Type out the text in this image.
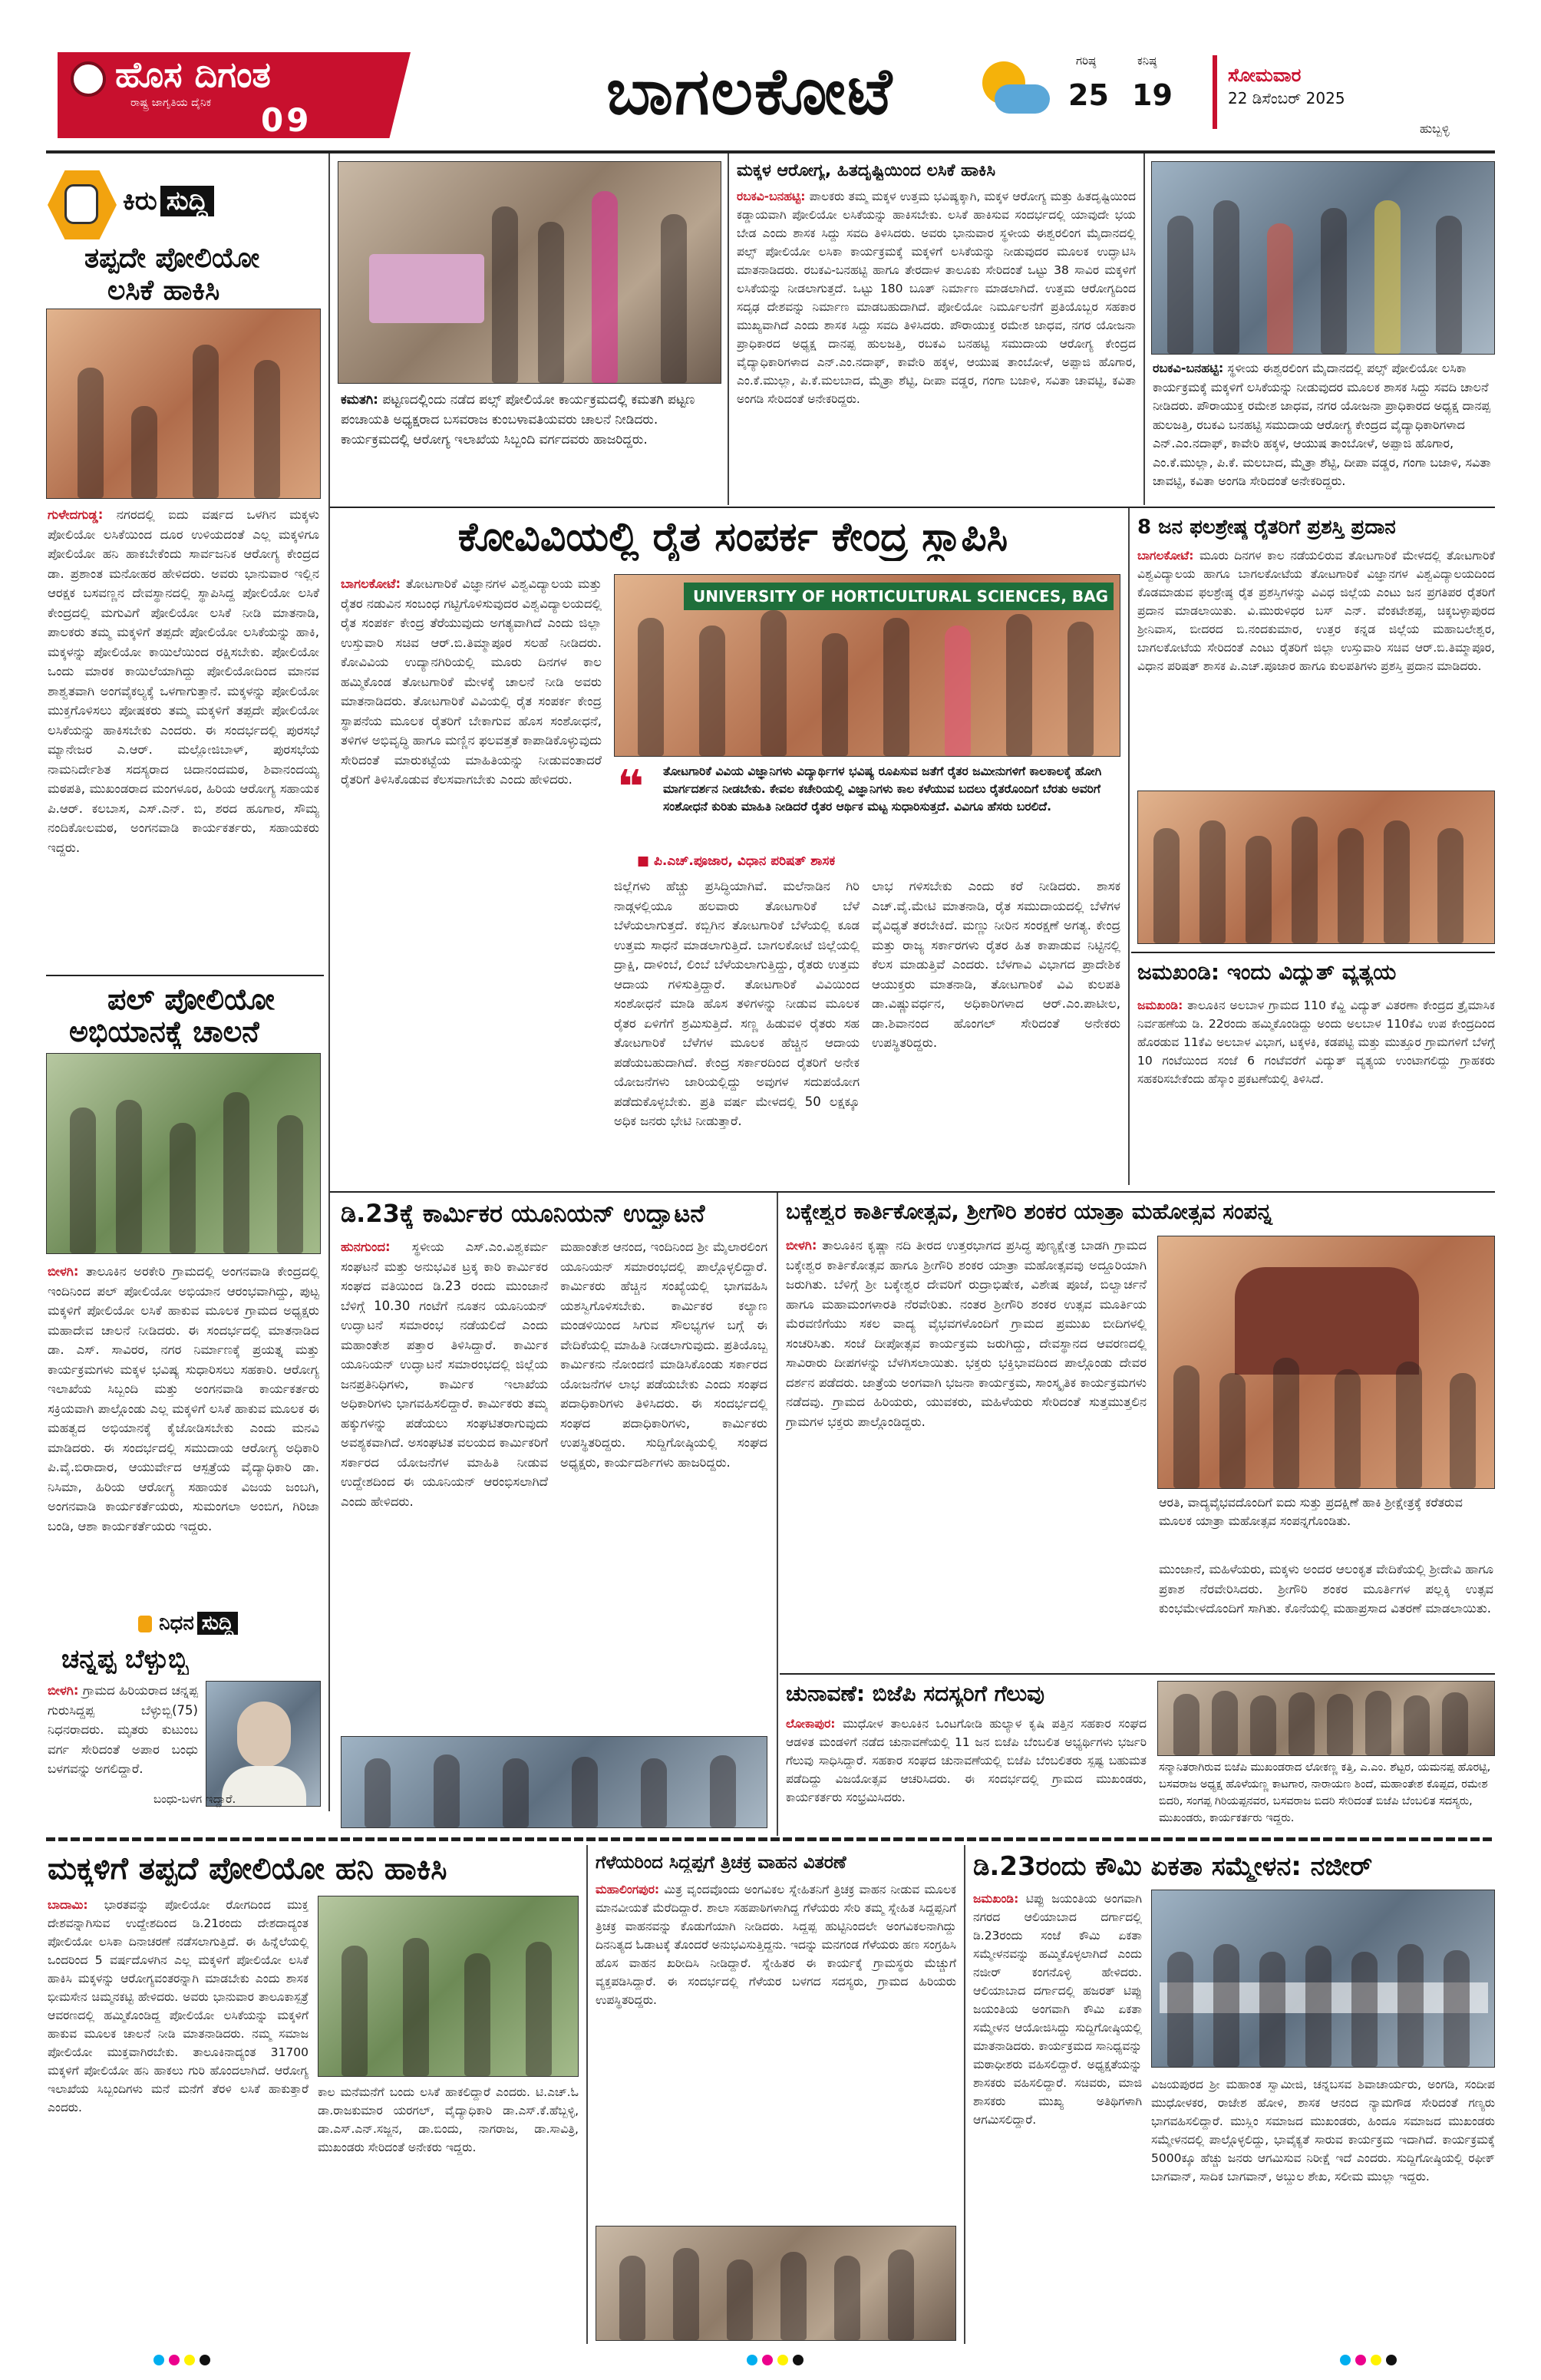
ಹೊಸ ದಿಗಂತ
ರಾಷ್ಟ್ರ ಜಾಗೃತಿಯ ದೈನಿಕ 09	ಬಾಗಲಕೋಟೆ	ಗರಿಷ್ಠ
25
ಕನಿಷ್ಠ
19
ಸೋಮವಾರ
22 ಡಿಸೆಂಬರ್ 2025
ಹುಬ್ಬಳ್ಳಿ
ಕಿರು ಸುದ್ದಿ
ತಪ್ಪದೇ ಪೋಲಿಯೋ
ಲಸಿಕೆ ಹಾಕಿಸಿ
ಗುಳೇದಗುಡ್ಡ: ನಗರದಲ್ಲಿ ಐದು ವರ್ಷದ ಒಳಗಿನ ಮಕ್ಕಳು ಪೋಲಿಯೋ ಲಸಿಕೆಯಿಂದ ದೂರ ಉಳಿಯದಂತೆ ಎಲ್ಲ ಮಕ್ಕಳಿಗೂ ಪೋಲಿಯೋ ಹನಿ ಹಾಕಬೇಕೆಂದು ಸಾರ್ವಜನಿಕ ಆರೋಗ್ಯ ಕೇಂದ್ರದ ಡಾ. ಪ್ರಶಾಂತ ಮನೋಹರ ಹೇಳಿದರು. ಅವರು ಭಾನುವಾರ ಇಲ್ಲಿನ ಆರಕ್ಷಕ ಬಸವಣ್ಣನ ದೇವಸ್ಥಾನದಲ್ಲಿ ಸ್ಥಾಪಿಸಿದ್ದ ಪೋಲಿಯೋ ಲಸಿಕೆ ಕೇಂದ್ರದಲ್ಲಿ ಮಗುವಿಗೆ ಪೋಲಿಯೋ ಲಸಿಕೆ ನೀಡಿ ಮಾತನಾಡಿ, ಪಾಲಕರು ತಮ್ಮ ಮಕ್ಕಳಿಗೆ ತಪ್ಪದೇ ಪೋಲಿಯೋ ಲಸಿಕೆಯನ್ನು ಹಾಕಿ, ಮಕ್ಕಳನ್ನು ಪೋಲಿಯೋ ಕಾಯಿಲೆಯಿಂದ ರಕ್ಷಿಸಬೇಕು. ಪೋಲಿಯೋ ಒಂದು ಮಾರಕ ಕಾಯಿಲೆಯಾಗಿದ್ದು ಪೋಲಿಯೋದಿಂದ ಮಾನವ ಶಾಶ್ವತವಾಗಿ ಅಂಗವೈಕಲ್ಯಕ್ಕೆ ಒಳಗಾಗುತ್ತಾನೆ. ಮಕ್ಕಳನ್ನು ಪೋಲಿಯೋ ಮುಕ್ತಗೊಳಿಸಲು ಪೋಷಕರು ತಮ್ಮ ಮಕ್ಕಳಿಗೆ ತಪ್ಪದೇ ಪೋಲಿಯೋ ಲಸಿಕೆಯನ್ನು ಹಾಕಿಸಬೇಕು ಎಂದರು. ಈ ಸಂದರ್ಭದಲ್ಲಿ ಪುರಸಭೆ ಮ್ಯಾನೇಜರ ಎ.ಆರ್. ಮಲ್ಲೋಜಿಬಾಳ್, ಪುರಸಭೆಯ ನಾಮನಿರ್ದೇಶಿತ ಸದಸ್ಯರಾದ ಚಿದಾನಂದಮಠ, ಶಿವಾನಂದಯ್ಯ ಮಠಪತಿ, ಮುಖಂಡರಾದ ಮಂಗಳೂರ, ಹಿರಿಯ ಆರೋಗ್ಯ ಸಹಾಯಕ ಪಿ.ಆರ್. ಕಲಬಾಸ, ಎಸ್.ಎನ್. ಬಿ, ಶರದ ಹೂಗಾರ, ಸೌಮ್ಯ ನಂದಿಕೋಲಮಠ, ಅಂಗನವಾಡಿ ಕಾರ್ಯಕರ್ತರು, ಸಹಾಯಕರು ಇದ್ದರು.
ಪಲ್ ಪೋಲಿಯೋ
ಅಭಿಯಾನಕ್ಕೆ ಚಾಲನೆ
ಬೀಳಗಿ: ತಾಲೂಕಿನ ಅರಕೇರಿ ಗ್ರಾಮದಲ್ಲಿ ಅಂಗನವಾಡಿ ಕೇಂದ್ರದಲ್ಲಿ ಇಂದಿನಿಂದ ಪಲ್ ಪೋಲಿಯೋ ಅಭಿಯಾನ ಆರಂಭವಾಗಿದ್ದು, ಪುಟ್ಟ ಮಕ್ಕಳಿಗೆ ಪೋಲಿಯೋ ಲಸಿಕೆ ಹಾಕುವ ಮೂಲಕ ಗ್ರಾಮದ ಅಧ್ಯಕ್ಷರು ಮಹಾದೇವ ಚಾಲನೆ ನೀಡಿದರು. ಈ ಸಂದರ್ಭದಲ್ಲಿ ಮಾತನಾಡಿದ ಡಾ. ಎಸ್. ಸಾವಿರರ, ನಗರ ನಿರ್ಮಾಣಕ್ಕೆ ಪ್ರಯತ್ನ ಮತ್ತು ಕಾರ್ಯಕ್ರಮಗಳು ಮಕ್ಕಳ ಭವಿಷ್ಯ ಸುಧಾರಿಸಲು ಸಹಕಾರಿ. ಆರೋಗ್ಯ ಇಲಾಖೆಯ ಸಿಬ್ಬಂದಿ ಮತ್ತು ಅಂಗನವಾಡಿ ಕಾರ್ಯಕರ್ತರು ಸಕ್ರಿಯವಾಗಿ ಪಾಲ್ಗೊಂಡು ಎಲ್ಲ ಮಕ್ಕಳಿಗೆ ಲಸಿಕೆ ಹಾಕುವ ಮೂಲಕ ಈ ಮಹತ್ವದ ಅಭಿಯಾನಕ್ಕೆ ಕೈಜೋಡಿಸಬೇಕು ಎಂದು ಮನವಿ ಮಾಡಿದರು. ಈ ಸಂದರ್ಭದಲ್ಲಿ ಸಮುದಾಯ ಆರೋಗ್ಯ ಅಧಿಕಾರಿ ಪಿ.ವೈ.ಬಿರಾದಾರ, ಆಯುರ್ವೇದ ಆಸ್ಪತ್ರೆಯ ವೈದ್ಯಾಧಿಕಾರಿ ಡಾ. ನಿಸಿಮಾ, ಹಿರಿಯ ಆರೋಗ್ಯ ಸಹಾಯಕ ವಿಜಯ ಜಂಬಗಿ, ಅಂಗನವಾಡಿ ಕಾರ್ಯಕರ್ತೆಯರು, ಸುಮಂಗಲಾ ಅಂಬಿಗ, ಗಿರಿಜಾ ಬಂಡಿ, ಆಶಾ ಕಾರ್ಯಕರ್ತೆಯರು ಇದ್ದರು.
ನಿಧನ ಸುದ್ದಿ
ಚನ್ನಪ್ಪ ಬೆಳ್ಳುಬ್ಬಿ
ಬೀಳಗಿ: ಗ್ರಾಮದ ಹಿರಿಯರಾದ ಚನ್ನಪ್ಪ ಗುರುಸಿದ್ದಪ್ಪ ಬೆಳ್ಳುಬ್ಬಿ(75) ನಿಧನರಾದರು. ಮೃತರು ಕುಟುಂಬ ವರ್ಗ ಸೇರಿದಂತೆ ಅಪಾರ ಬಂಧು ಬಳಗವನ್ನು ಅಗಲಿದ್ದಾರೆ.
ಬಂಧು-ಬಳಗ ಇದ್ದಾರೆ.
ಕಮತಗಿ: ಪಟ್ಟಣದಲ್ಲಿಂದು ನಡೆದ ಪಲ್ಸ್ ಪೋಲಿಯೋ ಕಾರ್ಯಕ್ರಮದಲ್ಲಿ ಕಮತಗಿ ಪಟ್ಟಣ ಪಂಚಾಯತಿ ಅಧ್ಯಕ್ಷರಾದ ಬಸವರಾಜ ಕುಂಬಳಾವತಿಯವರು ಚಾಲನೆ ನೀಡಿದರು. ಕಾರ್ಯಕ್ರಮದಲ್ಲಿ ಆರೋಗ್ಯ ಇಲಾಖೆಯ ಸಿಬ್ಬಂದಿ ವರ್ಗದವರು ಹಾಜರಿದ್ದರು.
ಮಕ್ಕಳ ಆರೋಗ್ಯ, ಹಿತದೃಷ್ಟಿಯಿಂದ ಲಸಿಕೆ ಹಾಕಿಸಿ
ರಬಕವಿ-ಬನಹಟ್ಟಿ: ಪಾಲಕರು ತಮ್ಮ ಮಕ್ಕಳ ಉತ್ತಮ ಭವಿಷ್ಯಕ್ಕಾಗಿ, ಮಕ್ಕಳ ಆರೋಗ್ಯ ಮತ್ತು ಹಿತದೃಷ್ಟಿಯಿಂದ ಕಡ್ಡಾಯವಾಗಿ ಪೋಲಿಯೋ ಲಸಿಕೆಯನ್ನು ಹಾಕಿಸಬೇಕು. ಲಸಿಕೆ ಹಾಕಿಸುವ ಸಂದರ್ಭದಲ್ಲಿ ಯಾವುದೇ ಭಯ ಬೇಡ ಎಂದು ಶಾಸಕ ಸಿದ್ದು ಸವದಿ ತಿಳಿಸಿದರು. ಅವರು ಭಾನುವಾರ ಸ್ಥಳೀಯ ಈಶ್ವರಲಿಂಗ ಮೈದಾನದಲ್ಲಿ ಪಲ್ಸ್ ಪೋಲಿಯೋ ಲಸಿಕಾ ಕಾರ್ಯಕ್ರಮಕ್ಕೆ ಮಕ್ಕಳಿಗೆ ಲಸಿಕೆಯನ್ನು ನೀಡುವುದರ ಮೂಲಕ ಉದ್ಘಾಟಿಸಿ ಮಾತನಾಡಿದರು. ರಬಕವಿ-ಬನಹಟ್ಟಿ ಹಾಗೂ ತೇರದಾಳ ತಾಲೂಕು ಸೇರಿದಂತೆ ಒಟ್ಟು 38 ಸಾವಿರ ಮಕ್ಕಳಿಗೆ ಲಸಿಕೆಯನ್ನು ನೀಡಲಾಗುತ್ತದೆ. ಒಟ್ಟು 180 ಬೂತ್ ನಿರ್ಮಾಣ ಮಾಡಲಾಗಿದೆ. ಉತ್ತಮ ಆರೋಗ್ಯದಿಂದ ಸದೃಢ ದೇಶವನ್ನು ನಿರ್ಮಾಣ ಮಾಡಬಹುದಾಗಿದೆ. ಪೋಲಿಯೋ ನಿರ್ಮೂಲನೆಗೆ ಪ್ರತಿಯೊಬ್ಬರ ಸಹಕಾರ ಮುಖ್ಯವಾಗಿದೆ ಎಂದು ಶಾಸಕ ಸಿದ್ದು ಸವದಿ ತಿಳಿಸಿದರು. ಪೌರಾಯುಕ್ತ ರಮೇಶ ಜಾಧವ, ನಗರ ಯೋಜನಾ ಪ್ರಾಧಿಕಾರದ ಅಧ್ಯಕ್ಷ ದಾನಪ್ಪ ಹುಲಜತ್ತಿ, ರಬಕವಿ ಬನಹಟ್ಟಿ ಸಮುದಾಯ ಆರೋಗ್ಯ ಕೇಂದ್ರದ ವೈದ್ಯಾಧಿಕಾರಿಗಳಾದ ಎನ್.ಎಂ.ನದಾಫ್, ಕಾವೇರಿ ಹಕ್ಕಳ, ಆಯುಷ ತಾಂಬೋಳೆ, ಅಪ್ಪಾಜಿ ಹೊಗಾರ, ಎಂ.ಕೆ.ಮುಲ್ಲಾ, ಪಿ.ಕೆ.ಮಲಬಾದ, ಮೈತ್ರಾ ಶೆಟ್ಟಿ, ದೀಪಾ ವಡ್ಡರ, ಗಂಗಾ ಬಜಾಳಿ, ಸವಿತಾ ಚಾವಟ್ಟಿ, ಕವಿತಾ ಅಂಗಡಿ ಸೇರಿದಂತೆ ಅನೇಕರಿದ್ದರು.
ರಬಕವಿ-ಬನಹಟ್ಟಿ: ಸ್ಥಳೀಯ ಈಶ್ವರಲಿಂಗ ಮೈದಾನದಲ್ಲಿ ಪಲ್ಸ್ ಪೋಲಿಯೋ ಲಸಿಕಾ ಕಾರ್ಯಕ್ರಮಕ್ಕೆ ಮಕ್ಕಳಿಗೆ ಲಸಿಕೆಯನ್ನು ನೀಡುವುದರ ಮೂಲಕ ಶಾಸಕ ಸಿದ್ದು ಸವದಿ ಚಾಲನೆ ನೀಡಿದರು. ಪೌರಾಯುಕ್ತ ರಮೇಶ ಜಾಧವ, ನಗರ ಯೋಜನಾ ಪ್ರಾಧಿಕಾರದ ಅಧ್ಯಕ್ಷ ದಾನಪ್ಪ ಹುಲಜತ್ತಿ, ರಬಕವಿ ಬನಹಟ್ಟಿ ಸಮುದಾಯ ಆರೋಗ್ಯ ಕೇಂದ್ರದ ವೈದ್ಯಾಧಿಕಾರಿಗಳಾದ ಎನ್.ಎಂ.ನದಾಫ್, ಕಾವೇರಿ ಹಕ್ಕಳ, ಆಯುಷ ತಾಂಬೋಳೆ, ಅಪ್ಪಾಜಿ ಹೊಗಾರ, ಎಂ.ಕೆ.ಮುಲ್ಲಾ, ಪಿ.ಕೆ. ಮಲಬಾದ, ಮೈತ್ರಾ ಶೆಟ್ಟಿ, ದೀಪಾ ವಡ್ಡರ, ಗಂಗಾ ಬಜಾಳಿ, ಸವಿತಾ ಚಾವಟ್ಟಿ, ಕವಿತಾ ಅಂಗಡಿ ಸೇರಿದಂತೆ ಅನೇಕರಿದ್ದರು.
ಕೋವಿವಿಯಲ್ಲಿ ರೈತ ಸಂಪರ್ಕ ಕೇಂದ್ರ ಸ್ಥಾಪಿಸಿ
ಬಾಗಲಕೋಟೆ: ತೋಟಗಾರಿಕೆ ವಿಜ್ಞಾನಗಳ ವಿಶ್ವವಿದ್ಯಾಲಯ ಮತ್ತು ರೈತರ ನಡುವಿನ ಸಂಬಂಧ ಗಟ್ಟಿಗೊಳಿಸುವುದರ ವಿಶ್ವವಿದ್ಯಾಲಯದಲ್ಲಿ ರೈತ ಸಂಪರ್ಕ ಕೇಂದ್ರ ತೆರೆಯುವುದು ಅಗತ್ಯವಾಗಿದೆ ಎಂದು ಜಿಲ್ಲಾ ಉಸ್ತುವಾರಿ ಸಚಿವ ಆರ್.ಬಿ.ತಿಮ್ಮಾಪೂರ ಸಲಹೆ ನೀಡಿದರು. ಕೋವಿವಿಯ ಉದ್ಯಾನಗಿರಿಯಲ್ಲಿ ಮೂರು ದಿನಗಳ ಕಾಲ ಹಮ್ಮಿಕೊಂಡ ತೋಟಗಾರಿಕೆ ಮೇಳಕ್ಕೆ ಚಾಲನೆ ನೀಡಿ ಅವರು ಮಾತನಾಡಿದರು. ತೋಟಗಾರಿಕೆ ವಿವಿಯಲ್ಲಿ ರೈತ ಸಂಪರ್ಕ ಕೇಂದ್ರ ಸ್ಥಾಪನೆಯ ಮೂಲಕ ರೈತರಿಗೆ ಬೇಕಾಗುವ ಹೊಸ ಸಂಶೋಧನೆ, ತಳಿಗಳ ಅಭಿವೃದ್ಧಿ ಹಾಗೂ ಮಣ್ಣಿನ ಫಲವತ್ತತೆ ಕಾಪಾಡಿಕೊಳ್ಳುವುದು ಸೇರಿದಂತೆ ಮಾರುಕಟ್ಟೆಯ ಮಾಹಿತಿಯನ್ನು ನೀಡುವಂತಾದರೆ ರೈತರಿಗೆ ತಿಳಿಸಿಕೊಡುವ ಕೆಲಸವಾಗಬೇಕು ಎಂದು ಹೇಳಿದರು.
UNIVERSITY OF HORTICULTURAL SCIENCES, BAG
❝ ತೋಟಗಾರಿಕೆ ವಿವಿಯ ವಿಜ್ಞಾನಿಗಳು ವಿದ್ಯಾರ್ಥಿಗಳ ಭವಿಷ್ಯ ರೂಪಿಸುವ ಜತೆಗೆ ರೈತರ ಜಮೀನುಗಳಿಗೆ ಕಾಲಕಾಲಕ್ಕೆ ಹೋಗಿ ಮಾರ್ಗದರ್ಶನ ನೀಡಬೇಕು. ಕೇವಲ ಕಚೇರಿಯಲ್ಲಿ ವಿಜ್ಞಾನಿಗಳು ಕಾಲ ಕಳೆಯುವ ಬದಲು ರೈತರೊಂದಿಗೆ ಬೆರತು ಅವರಿಗೆ ಸಂಶೋಧನೆ ಕುರಿತು ಮಾಹಿತಿ ನೀಡಿದರೆ ರೈತರ ಆರ್ಥಿಕ ಮಟ್ಟ ಸುಧಾರಿಸುತ್ತದೆ. ವಿವಿಗೂ ಹೆಸರು ಬರಲಿದೆ.
■ ಪಿ.ಎಚ್.ಪೂಜಾರ, ವಿಧಾನ ಪರಿಷತ್ ಶಾಸಕ
ಜಿಲ್ಲೆಗಳು ಹೆಚ್ಚು ಪ್ರಸಿದ್ಧಿಯಾಗಿವೆ. ಮಲೆನಾಡಿನ ಗಿರಿ ನಾಡ್ಗಳಲ್ಲಿಯೂ ಹಲವಾರು ತೋಟಗಾರಿಕೆ ಬೆಳೆ ಬೆಳೆಯಲಾಗುತ್ತದೆ. ಕಬ್ಬಿಗಿನ ತೋಟಗಾರಿಕೆ ಬೆಳೆಯಲ್ಲಿ ಕೂಡ ಉತ್ತಮ ಸಾಧನೆ ಮಾಡಲಾಗುತ್ತಿದೆ. ಬಾಗಲಕೋಟೆ ಜಿಲ್ಲೆಯಲ್ಲಿ ದ್ರಾಕ್ಷಿ, ದಾಳಿಂಬೆ, ಲಿಂಬೆ ಬೆಳೆಯಲಾಗುತ್ತಿದ್ದು, ರೈತರು ಉತ್ತಮ ಆದಾಯ ಗಳಿಸುತ್ತಿದ್ದಾರೆ. ತೋಟಗಾರಿಕೆ ವಿವಿಯಿಂದ ಸಂಶೋಧನೆ ಮಾಡಿ ಹೊಸ ತಳಿಗಳನ್ನು ನೀಡುವ ಮೂಲಕ ರೈತರ ಏಳಿಗೆಗೆ ಶ್ರಮಿಸುತ್ತಿದೆ. ಸಣ್ಣ ಹಿಡುವಳಿ ರೈತರು ಸಹ ತೋಟಗಾರಿಕೆ ಬೆಳೆಗಳ ಮೂಲಕ ಹೆಚ್ಚಿನ ಆದಾಯ ಪಡೆಯಬಹುದಾಗಿದೆ. ಕೇಂದ್ರ ಸರ್ಕಾರದಿಂದ ರೈತರಿಗೆ ಅನೇಕ ಯೋಜನೆಗಳು ಜಾರಿಯಲ್ಲಿದ್ದು ಅವುಗಳ ಸದುಪಯೋಗ ಪಡೆದುಕೊಳ್ಳಬೇಕು. ಪ್ರತಿ ವರ್ಷ ಮೇಳದಲ್ಲಿ 50 ಲಕ್ಷಕ್ಕೂ ಅಧಿಕ ಜನರು ಭೇಟಿ ನೀಡುತ್ತಾರೆ.
ಲಾಭ ಗಳಿಸಬೇಕು ಎಂದು ಕರೆ ನೀಡಿದರು. ಶಾಸಕ ಎಚ್.ವೈ.ಮೇಟಿ ಮಾತನಾಡಿ, ರೈತ ಸಮುದಾಯದಲ್ಲಿ ಬೆಳೆಗಳ ವೈವಿಧ್ಯತೆ ತರಬೇಕಿದೆ. ಮಣ್ಣು ನೀರಿನ ಸಂರಕ್ಷಣೆ ಅಗತ್ಯ. ಕೇಂದ್ರ ಮತ್ತು ರಾಜ್ಯ ಸರ್ಕಾರಗಳು ರೈತರ ಹಿತ ಕಾಪಾಡುವ ನಿಟ್ಟಿನಲ್ಲಿ ಕೆಲಸ ಮಾಡುತ್ತಿವೆ ಎಂದರು. ಬೆಳಗಾವಿ ವಿಭಾಗದ ಪ್ರಾದೇಶಿಕ ಆಯುಕ್ತರು ಮಾತನಾಡಿ, ತೋಟಗಾರಿಕೆ ವಿವಿ ಕುಲಪತಿ ಡಾ.ವಿಷ್ಣುವರ್ಧನ, ಅಧಿಕಾರಿಗಳಾದ ಆರ್.ಎಂ.ಪಾಟೀಲ, ಡಾ.ಶಿವಾನಂದ ಹೊಂಗಲ್ ಸೇರಿದಂತೆ ಅನೇಕರು ಉಪಸ್ಥಿತರಿದ್ದರು.
8 ಜನ ಫಲಶ್ರೇಷ್ಠ ರೈತರಿಗೆ ಪ್ರಶಸ್ತಿ ಪ್ರದಾನ
ಬಾಗಲಕೋಟೆ: ಮೂರು ದಿನಗಳ ಕಾಲ ನಡೆಯಲಿರುವ ತೋಟಗಾರಿಕೆ ಮೇಳದಲ್ಲಿ ತೋಟಗಾರಿಕೆ ವಿಶ್ವವಿದ್ಯಾಲಯ ಹಾಗೂ ಬಾಗಲಕೋಟೆಯ ತೋಟಗಾರಿಕೆ ವಿಜ್ಞಾನಗಳ ವಿಶ್ವವಿದ್ಯಾಲಯದಿಂದ ಕೊಡಮಾಡುವ ಫಲಶ್ರೇಷ್ಠ ರೈತ ಪ್ರಶಸ್ತಿಗಳನ್ನು ವಿವಿಧ ಜಿಲ್ಲೆಯ ಎಂಟು ಜನ ಪ್ರಗತಿಪರ ರೈತರಿಗೆ ಪ್ರದಾನ ಮಾಡಲಾಯಿತು. ವಿ.ಮುರುಳಿಧರ ಬಸ್ ಎನ್. ವೆಂಕಟೇಶಪ್ಪ, ಚಿಕ್ಕಬಳ್ಳಾಪುರದ ಶ್ರೀನಿವಾಸ, ಬೀದರದ ಬಿ.ನಂದಕುಮಾರ, ಉತ್ತರ ಕನ್ನಡ ಜಿಲ್ಲೆಯ ಮಹಾಬಲೇಶ್ವರ, ಬಾಗಲಕೋಟೆಯ ಸೇರಿದಂತೆ ಎಂಟು ರೈತರಿಗೆ ಜಿಲ್ಲಾ ಉಸ್ತುವಾರಿ ಸಚಿವ ಆರ್.ಬಿ.ತಿಮ್ಮಾಪೂರ, ವಿಧಾನ ಪರಿಷತ್ ಶಾಸಕ ಪಿ.ಎಚ್.ಪೂಜಾರ ಹಾಗೂ ಕುಲಪತಿಗಳು ಪ್ರಶಸ್ತಿ ಪ್ರದಾನ ಮಾಡಿದರು.
ಜಮಖಂಡಿ: ಇಂದು ವಿದ್ಯುತ್ ವ್ಯತ್ಯಯ
ಜಮಖಂಡಿ: ತಾಲೂಕಿನ ಅಲಬಾಳ ಗ್ರಾಮದ 110 ಕೆವ್ಹಿ ವಿದ್ಯುತ್ ವಿತರಣಾ ಕೇಂದ್ರದ ತ್ರೈಮಾಸಿಕ ನಿರ್ವಹಣೆಯ ಡಿ. 22ರಂದು ಹಮ್ಮಿಕೊಂಡಿದ್ದು ಅಂದು ಅಲಬಾಳ 110ಕೆವಿ ಉಪ ಕೇಂದ್ರದಿಂದ ಹೊರಡುವ 11ಕೆವಿ ಅಲಬಾಳ ವಿಭಾಗ, ಟಕ್ಕಳಕಿ, ಕಡಪಟ್ಟಿ ಮತ್ತು ಮುತ್ತೂರ ಗ್ರಾಮಗಳಿಗೆ ಬೆಳಗ್ಗೆ 10 ಗಂಟೆಯಿಂದ ಸಂಜೆ 6 ಗಂಟೆವರೆಗೆ ವಿದ್ಯುತ್ ವ್ಯತ್ಯಯ ಉಂಟಾಗಲಿದ್ದು ಗ್ರಾಹಕರು ಸಹಕರಿಸಬೇಕೆಂದು ಹೆಸ್ಕಾಂ ಪ್ರಕಟಣೆಯಲ್ಲಿ ತಿಳಿಸಿದೆ.
ಡಿ.23ಕ್ಕೆ ಕಾರ್ಮಿಕರ ಯೂನಿಯನ್ ಉದ್ಘಾಟನೆ
ಹುನಗುಂದ: ಸ್ಥಳೀಯ ಎಸ್.ಎಂ.ವಿಶ್ವಕರ್ಮ ಸಂಘಟನೆ ಮತ್ತು ಅನುಭವಿಕ ಟ್ರಕ್ಕ ಕಾರಿ ಕಾರ್ಮಿಕರ ಸಂಘದ ವತಿಯಿಂದ ಡಿ.23 ರಂದು ಮುಂಜಾನೆ ಬೆಳಿಗ್ಗೆ 10.30 ಗಂಟೆಗೆ ನೂತನ ಯೂನಿಯನ್ ಉದ್ಘಾಟನೆ ಸಮಾರಂಭ ನಡೆಯಲಿದೆ ಎಂದು ಮಹಾಂತೇಶ ಪತ್ತಾರ ತಿಳಿಸಿದ್ದಾರೆ. ಕಾರ್ಮಿಕ ಯೂನಿಯನ್ ಉದ್ಘಾಟನೆ ಸಮಾರಂಭದಲ್ಲಿ ಜಿಲ್ಲೆಯ ಜನಪ್ರತಿನಿಧಿಗಳು, ಕಾರ್ಮಿಕ ಇಲಾಖೆಯ ಅಧಿಕಾರಿಗಳು ಭಾಗವಹಿಸಲಿದ್ದಾರೆ. ಕಾರ್ಮಿಕರು ತಮ್ಮ ಹಕ್ಕುಗಳನ್ನು ಪಡೆಯಲು ಸಂಘಟಿತರಾಗುವುದು ಅವಶ್ಯಕವಾಗಿದೆ. ಅಸಂಘಟಿತ ವಲಯದ ಕಾರ್ಮಿಕರಿಗೆ ಸರ್ಕಾರದ ಯೋಜನೆಗಳ ಮಾಹಿತಿ ನೀಡುವ ಉದ್ದೇಶದಿಂದ ಈ ಯೂನಿಯನ್ ಆರಂಭಿಸಲಾಗಿದೆ ಎಂದು ಹೇಳಿದರು.
ಮಹಾಂತೇಶ ಆನಂದ, ಇಂದಿನಿಂದ ಶ್ರೀ ಮೈಲಾರಲಿಂಗ ಯೂನಿಯನ್ ಸಮಾರಂಭದಲ್ಲಿ ಪಾಲ್ಗೊಳ್ಳಲಿದ್ದಾರೆ. ಕಾರ್ಮಿಕರು ಹೆಚ್ಚಿನ ಸಂಖ್ಯೆಯಲ್ಲಿ ಭಾಗವಹಿಸಿ ಯಶಸ್ವಿಗೊಳಿಸಬೇಕು. ಕಾರ್ಮಿಕರ ಕಲ್ಯಾಣ ಮಂಡಳಿಯಿಂದ ಸಿಗುವ ಸೌಲಭ್ಯಗಳ ಬಗ್ಗೆ ಈ ವೇದಿಕೆಯಲ್ಲಿ ಮಾಹಿತಿ ನೀಡಲಾಗುವುದು. ಪ್ರತಿಯೊಬ್ಬ ಕಾರ್ಮಿಕನು ನೋಂದಣಿ ಮಾಡಿಸಿಕೊಂಡು ಸರ್ಕಾರದ ಯೋಜನೆಗಳ ಲಾಭ ಪಡೆಯಬೇಕು ಎಂದು ಸಂಘದ ಪದಾಧಿಕಾರಿಗಳು ತಿಳಿಸಿದರು. ಈ ಸಂದರ್ಭದಲ್ಲಿ ಸಂಘದ ಪದಾಧಿಕಾರಿಗಳು, ಕಾರ್ಮಿಕರು ಉಪಸ್ಥಿತರಿದ್ದರು. ಸುದ್ದಿಗೋಷ್ಠಿಯಲ್ಲಿ ಸಂಘದ ಅಧ್ಯಕ್ಷರು, ಕಾರ್ಯದರ್ಶಿಗಳು ಹಾಜರಿದ್ದರು.
ಬಕ್ಕೇಶ್ವರ ಕಾರ್ತಿಕೋತ್ಸವ, ಶ್ರೀಗೌರಿ ಶಂಕರ ಯಾತ್ರಾ ಮಹೋತ್ಸವ ಸಂಪನ್ನ
ಬೀಳಗಿ: ತಾಲೂಕಿನ ಕೃಷ್ಣಾ ನದಿ ತೀರದ ಉತ್ತರಭಾಗದ ಪ್ರಸಿದ್ಧ ಪುಣ್ಯಕ್ಷೇತ್ರ ಬಾಡಗಿ ಗ್ರಾಮದ ಬಕ್ಕೇಶ್ವರ ಕಾರ್ತಿಕೋತ್ಸವ ಹಾಗೂ ಶ್ರೀಗೌರಿ ಶಂಕರ ಯಾತ್ರಾ ಮಹೋತ್ಸವವು ಅದ್ದೂರಿಯಾಗಿ ಜರುಗಿತು. ಬೆಳಿಗ್ಗೆ ಶ್ರೀ ಬಕ್ಕೇಶ್ವರ ದೇವರಿಗೆ ರುದ್ರಾಭಿಷೇಕ, ವಿಶೇಷ ಪೂಜೆ, ಬಿಲ್ವಾರ್ಚನೆ ಹಾಗೂ ಮಹಾಮಂಗಳಾರತಿ ನೆರವೇರಿತು. ನಂತರ ಶ್ರೀಗೌರಿ ಶಂಕರ ಉತ್ಸವ ಮೂರ್ತಿಯ ಮೆರವಣಿಗೆಯು ಸಕಲ ವಾದ್ಯ ವೈಭವಗಳೊಂದಿಗೆ ಗ್ರಾಮದ ಪ್ರಮುಖ ಬೀದಿಗಳಲ್ಲಿ ಸಂಚರಿಸಿತು. ಸಂಜೆ ದೀಪೋತ್ಸವ ಕಾರ್ಯಕ್ರಮ ಜರುಗಿದ್ದು, ದೇವಸ್ಥಾನದ ಆವರಣದಲ್ಲಿ ಸಾವಿರಾರು ದೀಪಗಳನ್ನು ಬೆಳಗಿಸಲಾಯಿತು. ಭಕ್ತರು ಭಕ್ತಿಭಾವದಿಂದ ಪಾಲ್ಗೊಂಡು ದೇವರ ದರ್ಶನ ಪಡೆದರು. ಜಾತ್ರೆಯ ಅಂಗವಾಗಿ ಭಜನಾ ಕಾರ್ಯಕ್ರಮ, ಸಾಂಸ್ಕೃತಿಕ ಕಾರ್ಯಕ್ರಮಗಳು ನಡೆದವು. ಗ್ರಾಮದ ಹಿರಿಯರು, ಯುವಕರು, ಮಹಿಳೆಯರು ಸೇರಿದಂತೆ ಸುತ್ತಮುತ್ತಲಿನ ಗ್ರಾಮಗಳ ಭಕ್ತರು ಪಾಲ್ಗೊಂಡಿದ್ದರು.
ಆರತಿ, ವಾದ್ಯವೈಭವದೊಂದಿಗೆ ಐದು ಸುತ್ತು ಪ್ರದಕ್ಷಿಣೆ ಹಾಕಿ ಶ್ರೀಕ್ಷೇತ್ರಕ್ಕೆ ಕರೆತರುವ ಮೂಲಕ ಯಾತ್ರಾ ಮಹೋತ್ಸವ ಸಂಪನ್ನಗೊಂಡಿತು.
ಮುಂಜಾನೆ, ಮಹಿಳೆಯರು, ಮಕ್ಕಳು ಅಂದರ ಆಲಂಕೃತ ವೇದಿಕೆಯಲ್ಲಿ ಶ್ರೀದೇವಿ ಹಾಗೂ ಪ್ರಕಾಶ ನೆರವೇರಿಸಿದರು. ಶ್ರೀಗೌರಿ ಶಂಕರ ಮೂರ್ತಿಗಳ ಪಲ್ಲಕ್ಕಿ ಉತ್ಸವ ಕುಂಭಮೇಳದೊಂದಿಗೆ ಸಾಗಿತು. ಕೊನೆಯಲ್ಲಿ ಮಹಾಪ್ರಸಾದ ವಿತರಣೆ ಮಾಡಲಾಯಿತು.
ಚುನಾವಣೆ: ಬಿಜೆಪಿ ಸದಸ್ಯರಿಗೆ ಗೆಲುವು
ಲೋಕಾಪುರ: ಮುಧೋಳ ತಾಲೂಕಿನ ಒಂಟಗೋಡಿ ಹುಲ್ಯಾಳ ಕೃಷಿ ಪತ್ತಿನ ಸಹಕಾರ ಸಂಘದ ಆಡಳಿತ ಮಂಡಳಿಗೆ ನಡೆದ ಚುನಾವಣೆಯಲ್ಲಿ 11 ಜನ ಬಿಜೆಪಿ ಬೆಂಬಲಿತ ಅಭ್ಯರ್ಥಿಗಳು ಭರ್ಜರಿ ಗೆಲುವು ಸಾಧಿಸಿದ್ದಾರೆ. ಸಹಕಾರ ಸಂಘದ ಚುನಾವಣೆಯಲ್ಲಿ ಬಿಜೆಪಿ ಬೆಂಬಲಿತರು ಸ್ಪಷ್ಟ ಬಹುಮತ ಪಡೆದಿದ್ದು ವಿಜಯೋತ್ಸವ ಆಚರಿಸಿದರು. ಈ ಸಂದರ್ಭದಲ್ಲಿ ಗ್ರಾಮದ ಮುಖಂಡರು, ಕಾರ್ಯಕರ್ತರು ಸಂಭ್ರಮಿಸಿದರು.
ಸನ್ಮಾನಿತರಾಗಿರುವ ಬಿಜೆಪಿ ಮುಖಂಡರಾದ ಲೋಕಣ್ಣ ಕತ್ತಿ, ಎ.ಎಂ. ಶೆಟ್ಟರ, ಯಮನಪ್ಪ ಹೊರಟ್ಟಿ, ಬಸವರಾಜ ಅಧ್ಯಕ್ಷ ಹೊಳೆಯಣ್ಣ ಕಾಟಗಾರ, ನಾರಾಯಣ ಶಿಂದೆ, ಮಹಾಂತೇಶ ಕೊಪ್ಪದ, ರಮೇಶ ಬಿದರಿ, ಸಂಗಪ್ಪ ಗಿರಿಯಪ್ಪನವರ, ಬಸವರಾಜ ಬಿದರಿ ಸೇರಿದಂತೆ ಬಿಜೆಪಿ ಬೆಂಬಲಿತ ಸದಸ್ಯರು, ಮುಖಂಡರು, ಕಾರ್ಯಕರ್ತರು ಇದ್ದರು.
ಮಕ್ಕಳಿಗೆ ತಪ್ಪದೆ ಪೋಲಿಯೋ ಹನಿ ಹಾಕಿಸಿ
ಬಾದಾಮಿ: ಭಾರತವನ್ನು ಪೋಲಿಯೋ ರೋಗದಿಂದ ಮುಕ್ತ ದೇಶವನ್ನಾಗಿಸುವ ಉದ್ದೇಶದಿಂದ ಡಿ.21ರಂದು ದೇಶದಾದ್ಯಂತ ಪೋಲಿಯೋ ಲಸಿಕಾ ದಿನಾಚರಣೆ ನಡೆಸಲಾಗುತ್ತಿದೆ. ಈ ಹಿನ್ನೆಲೆಯಲ್ಲಿ ಒಂದರಿಂದ 5 ವರ್ಷದೊಳಗಿನ ಎಲ್ಲ ಮಕ್ಕಳಿಗೆ ಪೋಲಿಯೋ ಲಸಿಕೆ ಹಾಕಿಸಿ ಮಕ್ಕಳನ್ನು ಆರೋಗ್ಯವಂತರನ್ನಾಗಿ ಮಾಡಬೇಕು ಎಂದು ಶಾಸಕ ಭೀಮಸೇನ ಚಿಮ್ಮನಕಟ್ಟಿ ಹೇಳಿದರು. ಅವರು ಭಾನುವಾರ ತಾಲೂಕಾಸ್ಪತ್ರೆ ಆವರಣದಲ್ಲಿ ಹಮ್ಮಿಕೊಂಡಿದ್ದ ಪೋಲಿಯೋ ಲಸಿಕೆಯನ್ನು ಮಕ್ಕಳಿಗೆ ಹಾಕುವ ಮೂಲಕ ಚಾಲನೆ ನೀಡಿ ಮಾತನಾಡಿದರು. ನಮ್ಮ ಸಮಾಜ ಪೋಲಿಯೋ ಮುಕ್ತವಾಗಿರಬೇಕು. ತಾಲೂಕಿನಾದ್ಯಂತ 31700 ಮಕ್ಕಳಿಗೆ ಪೋಲಿಯೋ ಹನಿ ಹಾಕಲು ಗುರಿ ಹೊಂದಲಾಗಿದೆ. ಆರೋಗ್ಯ ಇಲಾಖೆಯ ಸಿಬ್ಬಂದಿಗಳು ಮನೆ ಮನೆಗೆ ತೆರಳಿ ಲಸಿಕೆ ಹಾಕುತ್ತಾರೆ ಎಂದರು.
ಕಾಲ ಮನೆಮನೆಗೆ ಬಂದು ಲಸಿಕೆ ಹಾಕಲಿದ್ದಾರೆ ಎಂದರು. ಟಿ.ಎಚ್.ಓ ಡಾ.ರಾಜಕುಮಾರ ಯರಗಲ್, ವೈದ್ಯಾಧಿಕಾರಿ ಡಾ.ಎಸ್.ಕೆ.ಹೆಬ್ಬಳ್ಳಿ, ಡಾ.ಎಸ್.ಎನ್.ಸಜ್ಜನ, ಡಾ.ಬಿಂದು, ನಾಗರಾಜ, ಡಾ.ಸಾವಿತ್ರಿ, ಮುಖಂಡರು ಸೇರಿದಂತೆ ಅನೇಕರು ಇದ್ದರು.
ಗೆಳೆಯರಿಂದ ಸಿದ್ದಪ್ಪಗೆ ತ್ರಿಚಕ್ರ ವಾಹನ ವಿತರಣೆ
ಮಹಾಲಿಂಗಪುರ: ಮಿತ್ರ ವೃಂದವೊಂದು ಅಂಗವಿಕಲ ಸ್ನೇಹಿತನಿಗೆ ತ್ರಿಚಕ್ರ ವಾಹನ ನೀಡುವ ಮೂಲಕ ಮಾನವೀಯತೆ ಮೆರೆದಿದ್ದಾರೆ. ಶಾಲಾ ಸಹಪಾಠಿಗಳಾಗಿದ್ದ ಗೆಳೆಯರು ಸೇರಿ ತಮ್ಮ ಸ್ನೇಹಿತ ಸಿದ್ದಪ್ಪನಿಗೆ ತ್ರಿಚಕ್ರ ವಾಹನವನ್ನು ಕೊಡುಗೆಯಾಗಿ ನೀಡಿದರು. ಸಿದ್ದಪ್ಪ ಹುಟ್ಟಿನಿಂದಲೇ ಅಂಗವಿಕಲನಾಗಿದ್ದು ದಿನನಿತ್ಯದ ಓಡಾಟಕ್ಕೆ ತೊಂದರೆ ಅನುಭವಿಸುತ್ತಿದ್ದನು. ಇದನ್ನು ಮನಗಂಡ ಗೆಳೆಯರು ಹಣ ಸಂಗ್ರಹಿಸಿ ಹೊಸ ವಾಹನ ಖರೀದಿಸಿ ನೀಡಿದ್ದಾರೆ. ಸ್ನೇಹಿತರ ಈ ಕಾರ್ಯಕ್ಕೆ ಗ್ರಾಮಸ್ಥರು ಮೆಚ್ಚುಗೆ ವ್ಯಕ್ತಪಡಿಸಿದ್ದಾರೆ. ಈ ಸಂದರ್ಭದಲ್ಲಿ ಗೆಳೆಯರ ಬಳಗದ ಸದಸ್ಯರು, ಗ್ರಾಮದ ಹಿರಿಯರು ಉಪಸ್ಥಿತರಿದ್ದರು.
ಡಿ.23ರಂದು ಕೌಮಿ ಏಕತಾ ಸಮ್ಮೇಳನ: ನಜೀರ್
ಜಮಖಂಡಿ: ಟಿಪ್ಪು ಜಯಂತಿಯ ಅಂಗವಾಗಿ ನಗರದ ಆಲಿಯಾಬಾದ ದರ್ಗಾದಲ್ಲಿ ಡಿ.23ರಂದು ಸಂಜೆ ಕೌಮಿ ಏಕತಾ ಸಮ್ಮೇಳನವನ್ನು ಹಮ್ಮಿಕೊಳ್ಳಲಾಗಿದೆ ಎಂದು ನಜೀರ್ ಕಂಗನೊಳ್ಳಿ ಹೇಳಿದರು. ಆಲಿಯಾಬಾದ ದರ್ಗಾದಲ್ಲಿ ಹಜರತ್ ಟಿಪ್ಪು ಜಯಂತಿಯ ಅಂಗವಾಗಿ ಕೌಮಿ ಏಕತಾ ಸಮ್ಮೇಳನ ಆಯೋಜಿಸಿದ್ದು ಸುದ್ದಿಗೋಷ್ಠಿಯಲ್ಲಿ ಮಾತನಾಡಿದರು. ಕಾರ್ಯಕ್ರಮದ ಸಾನಿಧ್ಯವನ್ನು ಮಠಾಧೀಶರು ವಹಿಸಲಿದ್ದಾರೆ. ಅಧ್ಯಕ್ಷತೆಯನ್ನು ಶಾಸಕರು ವಹಿಸಲಿದ್ದಾರೆ. ಸಚಿವರು, ಮಾಜಿ ಶಾಸಕರು ಮುಖ್ಯ ಅತಿಥಿಗಳಾಗಿ ಆಗಮಿಸಲಿದ್ದಾರೆ.
ವಿಜಯಪುರದ ಶ್ರೀ ಮಹಾಂತ ಸ್ವಾಮೀಜಿ, ಚನ್ನಬಸವ ಶಿವಾಚಾರ್ಯರು, ಅಂಗಡಿ, ಸಂದೀಪ ಮುಧೋಳಕರ, ರಾಜೇಶ ಹೋಳಿ, ಶಾಸಕ ಆನಂದ ನ್ಯಾಮಗೌಡ ಸೇರಿದಂತೆ ಗಣ್ಯರು ಭಾಗವಹಿಸಲಿದ್ದಾರೆ. ಮುಸ್ಲಿಂ ಸಮಾಜದ ಮುಖಂಡರು, ಹಿಂದೂ ಸಮಾಜದ ಮುಖಂಡರು ಸಮ್ಮೇಳನದಲ್ಲಿ ಪಾಲ್ಗೊಳ್ಳಲಿದ್ದು, ಭಾವೈಕ್ಯತೆ ಸಾರುವ ಕಾರ್ಯಕ್ರಮ ಇದಾಗಿದೆ. ಕಾರ್ಯಕ್ರಮಕ್ಕೆ 5000ಕ್ಕೂ ಹೆಚ್ಚು ಜನರು ಆಗಮಿಸುವ ನಿರೀಕ್ಷೆ ಇದೆ ಎಂದರು. ಸುದ್ದಿಗೋಷ್ಠಿಯಲ್ಲಿ ರಫೀಕ್ ಬಾಗವಾನ್, ಸಾದಿಕ ಬಾಗವಾನ್, ಅಬ್ದುಲ ಶೇಖ, ಸಲೀಮ ಮುಲ್ಲಾ ಇದ್ದರು.
